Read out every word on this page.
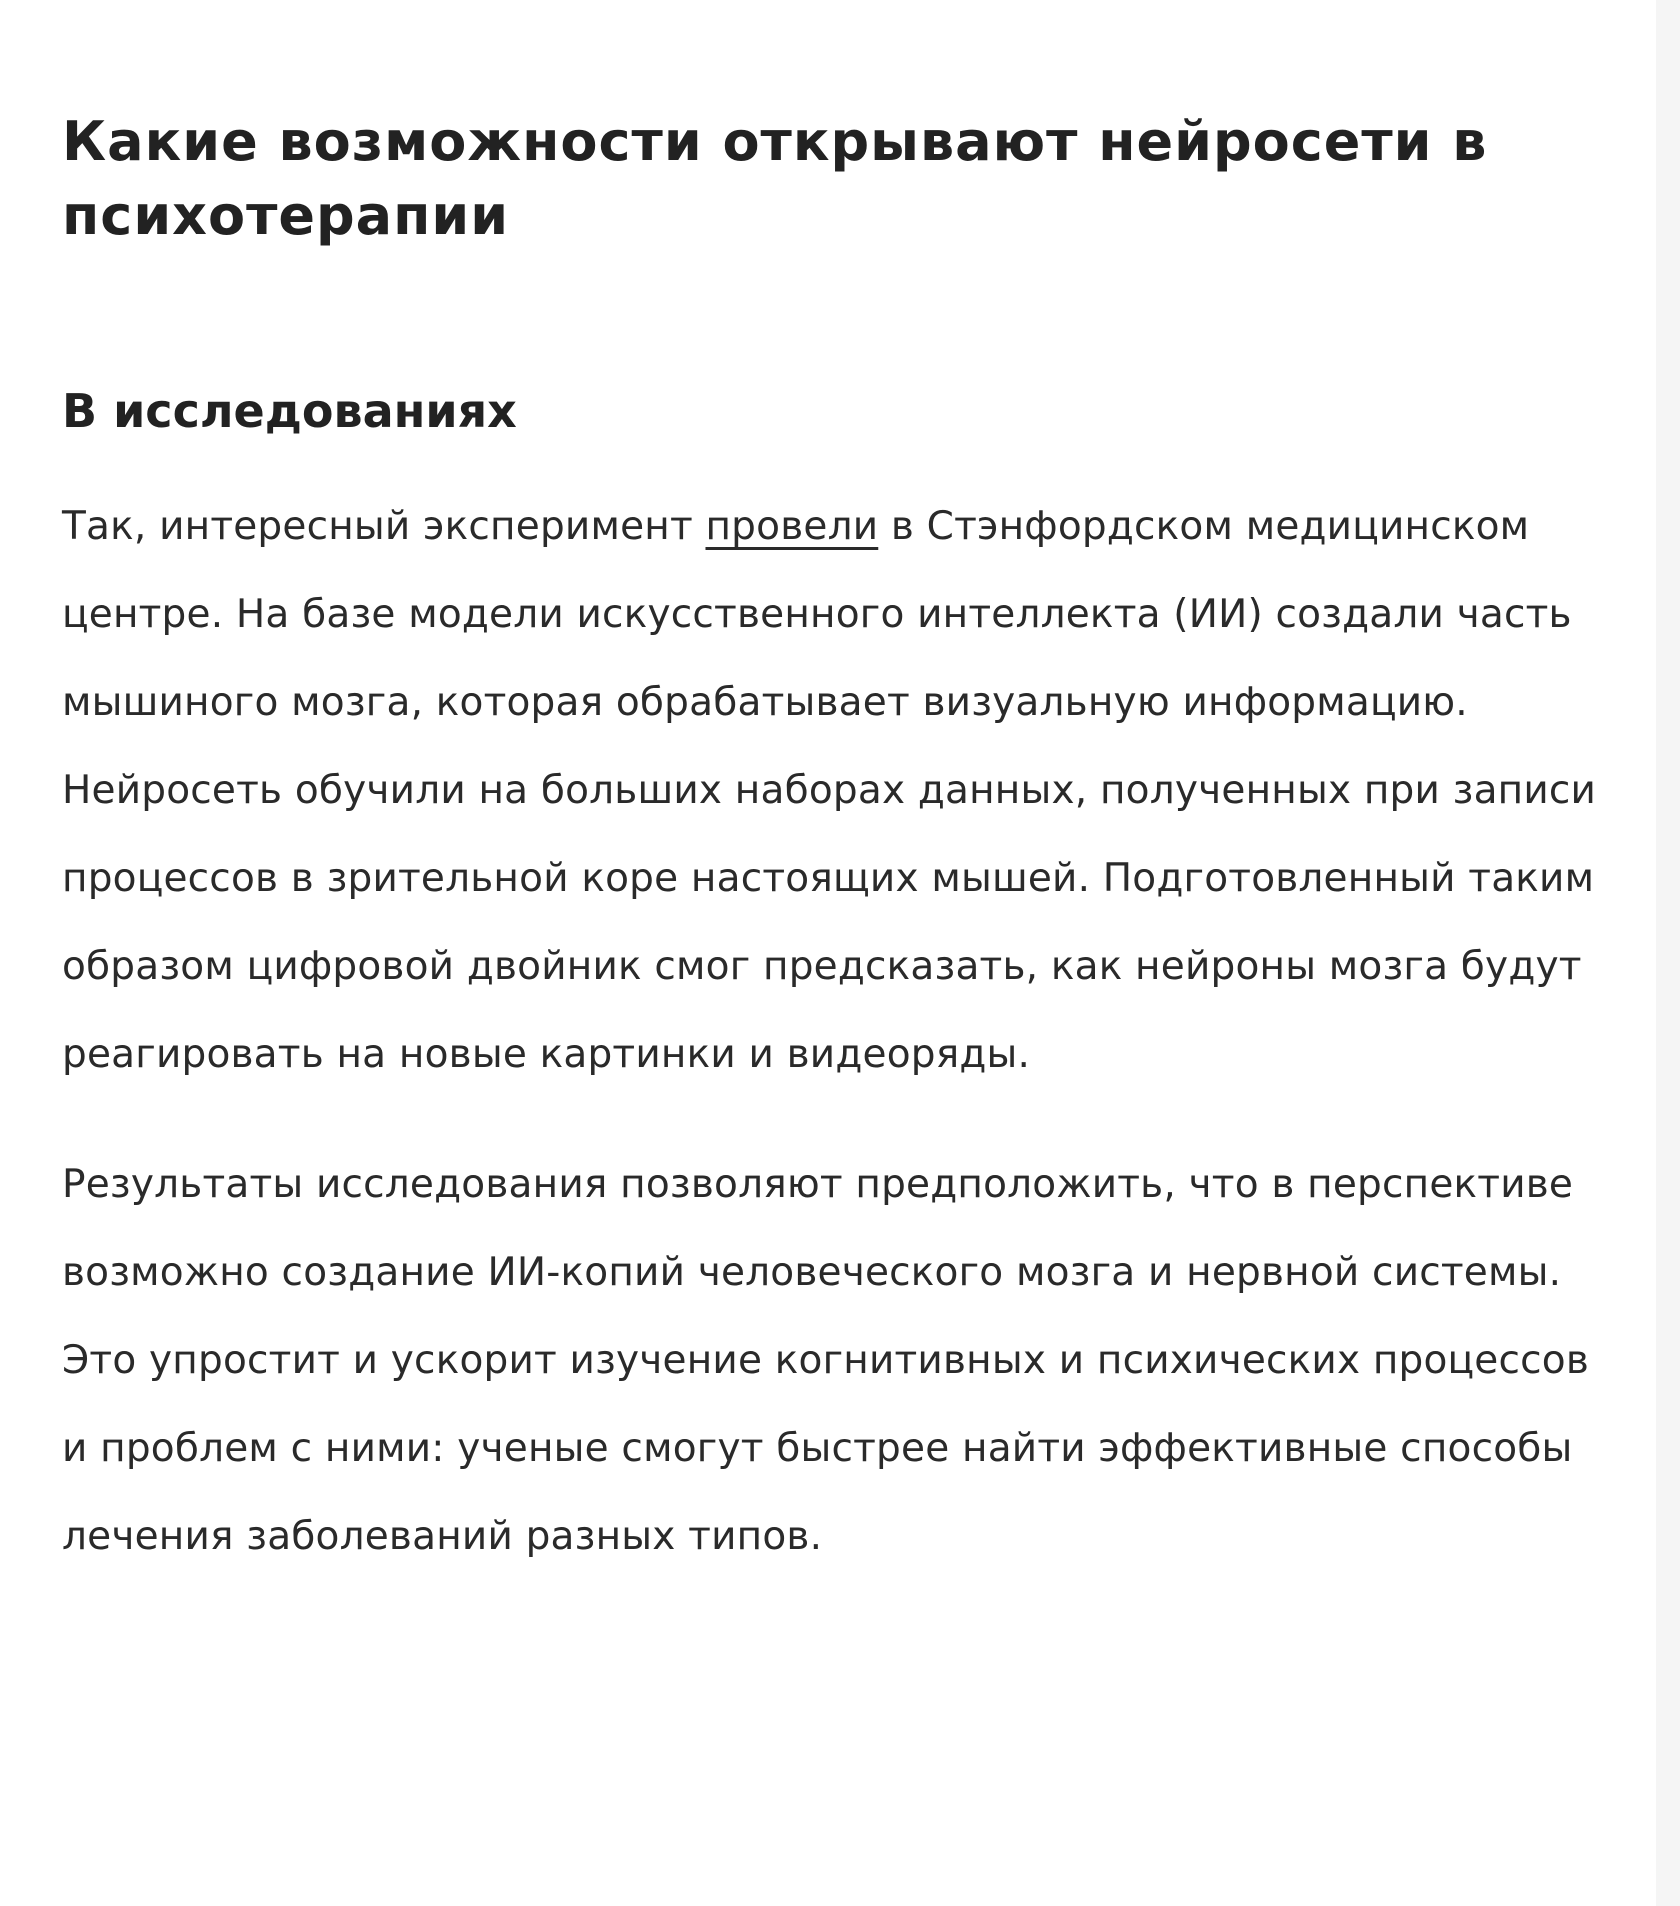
Какие возможности открывают нейросети в психотерапии
В исследованиях

Так, интересный эксперимент провели в Стэнфордском медицинском центре. На базе модели искусственного интеллекта (ИИ) создали часть мышиного мозга, которая обрабатывает визуальную информацию. Нейросеть обучили на больших наборах данных, полученных при записи процессов в зрительной коре настоящих мышей. Подготовленный таким образом цифровой двойник смог предсказать, как нейроны мозга будут реагировать на новые картинки и видеоряды.

Результаты исследования позволяют предположить, что в перспективе возможно создание ИИ-копий человеческого мозга и нервной системы. Это упростит и ускорит изучение когнитивных и психических процессов и проблем с ними: ученые смогут быстрее найти эффективные способы лечения заболеваний разных типов.
